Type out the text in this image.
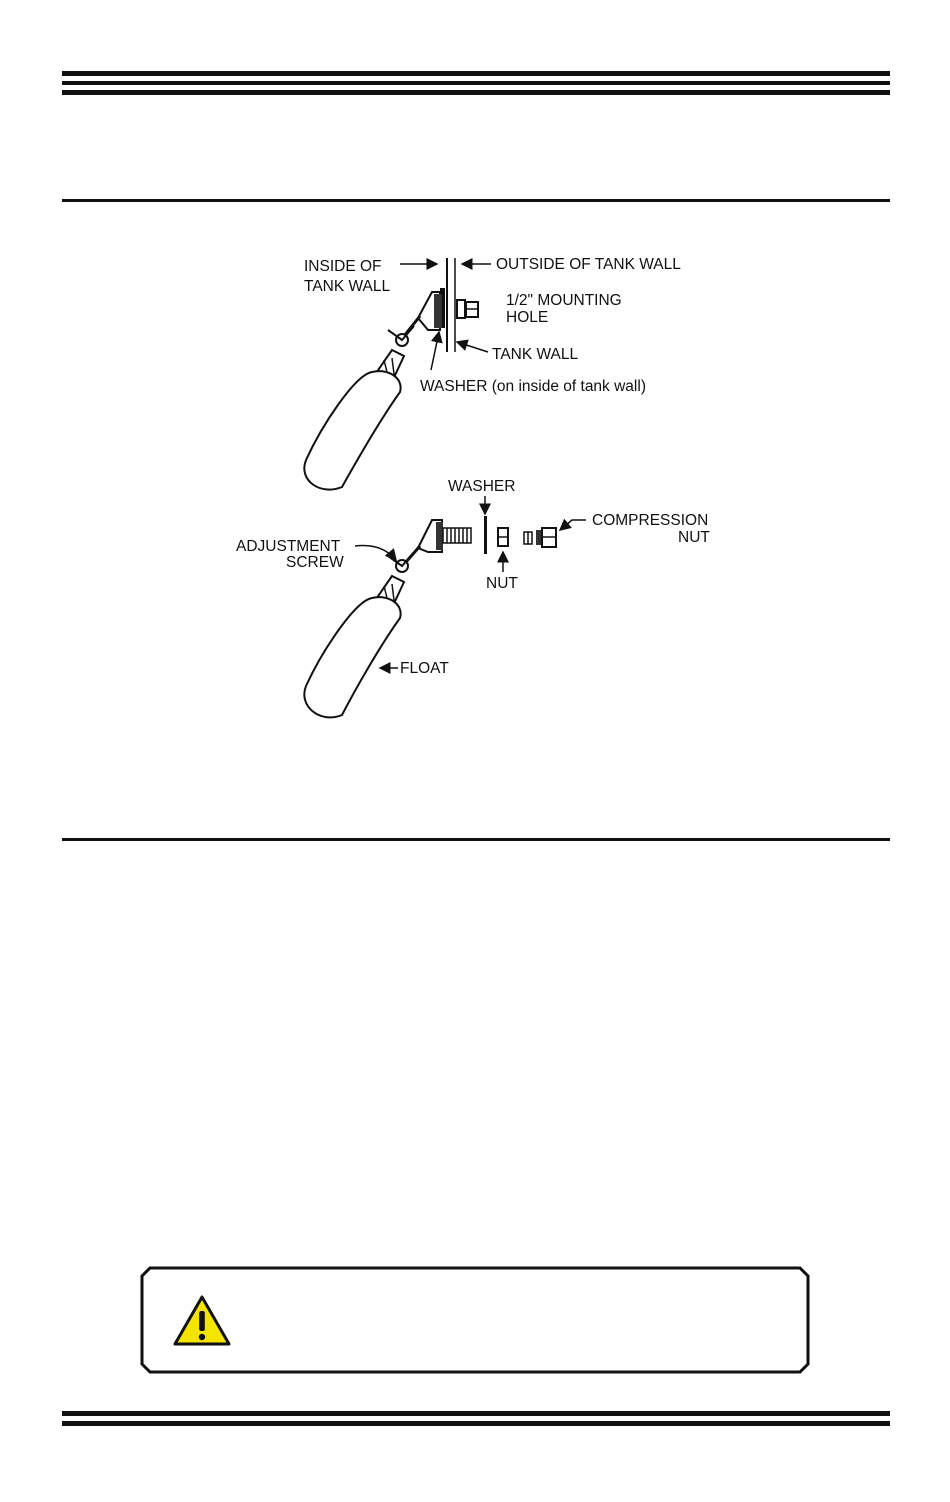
INSIDE OF
TANK WALL
OUTSIDE OF TANK WALL
1/2" MOUNTING
HOLE
TANK WALL
WASHER (on inside of tank wall)
WASHER
COMPRESSION
NUT
ADJUSTMENT
SCREW
NUT
FLOAT
